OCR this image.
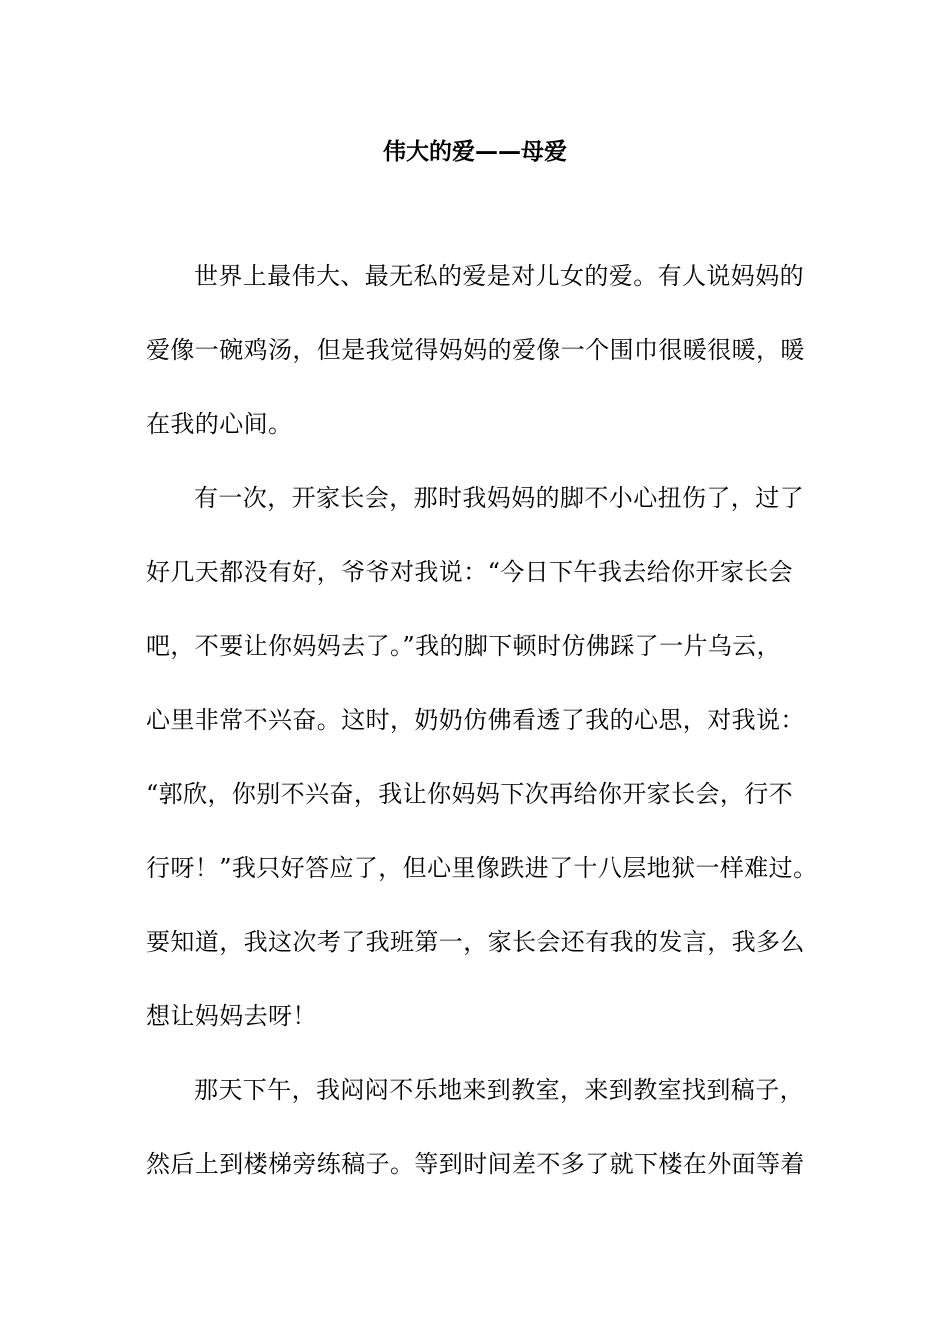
伟大的爱——母爱
世界上最伟大、最无私的爱是对儿女的爱。有人说妈妈的
爱像一碗鸡汤，但是我觉得妈妈的爱像一个围巾很暖很暖，暖
在我的心间。
有一次，开家长会，那时我妈妈的脚不小心扭伤了，过了
好几天都没有好，爷爷对我说：“今日下午我去给你开家长会
吧，不要让你妈妈去了。”我的脚下顿时仿佛踩了一片乌云，
心里非常不兴奋。这时，奶奶仿佛看透了我的心思，对我说：
“郭欣，你别不兴奋，我让你妈妈下次再给你开家长会，行不
行呀！”我只好答应了，但心里像跌进了十八层地狱一样难过。
要知道，我这次考了我班第一，家长会还有我的发言，我多么
想让妈妈去呀！
那天下午，我闷闷不乐地来到教室，来到教室找到稿子，
然后上到楼梯旁练稿子。等到时间差不多了就下楼在外面等着
